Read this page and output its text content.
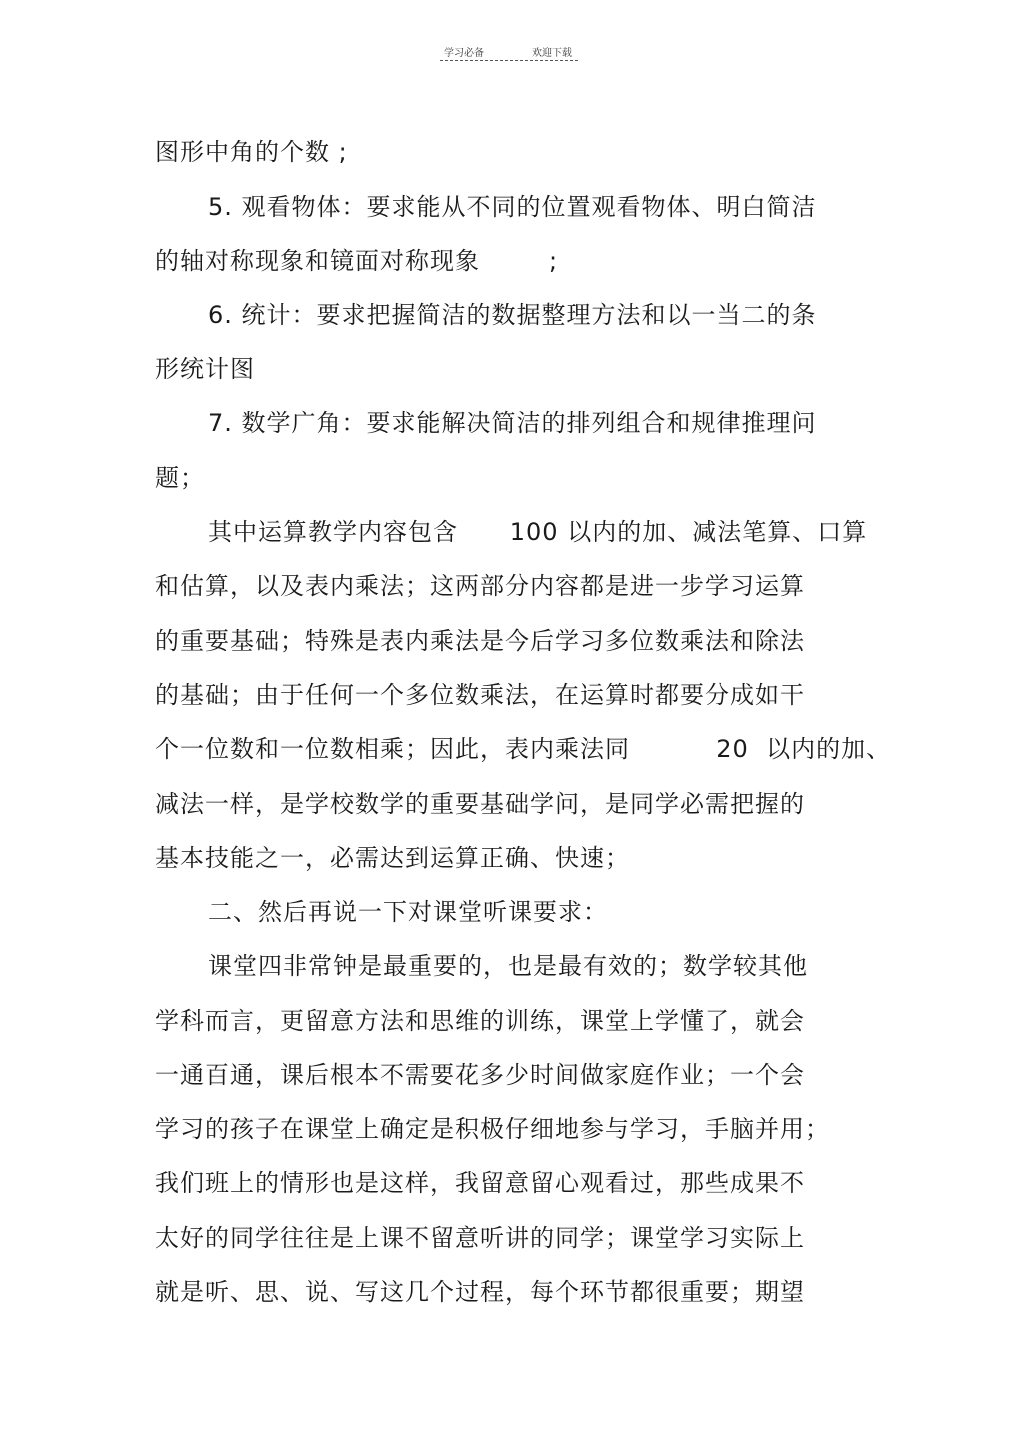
学习必备	欢迎下载
图形中角的个数 ;
5. 观看物体：要求能从不同的位置观看物体、明白简洁
的轴对称现象和镜面对称现象        ;
6. 统计：要求把握简洁的数据整理方法和以一当二的条
形统计图
7. 数学广角：要求能解决简洁的排列组合和规律推理问
题；
其中运算教学内容包含      100 以内的加、减法笔算、口算
和估算，以及表内乘法；这两部分内容都是进一步学习运算
的重要基础；特殊是表内乘法是今后学习多位数乘法和除法
的基础；由于任何一个多位数乘法，在运算时都要分成如干
个一位数和一位数相乘；因此，表内乘法同          20  以内的加、
减法一样，是学校数学的重要基础学问，是同学必需把握的
基本技能之一，必需达到运算正确、快速；
二、然后再说一下对课堂听课要求：
课堂四非常钟是最重要的，也是最有效的；数学较其他
学科而言，更留意方法和思维的训练，课堂上学懂了，就会
一通百通，课后根本不需要花多少时间做家庭作业；一个会
学习的孩子在课堂上确定是积极仔细地参与学习，手脑并用；
我们班上的情形也是这样，我留意留心观看过，那些成果不
太好的同学往往是上课不留意听讲的同学；课堂学习实际上
就是听、思、说、写这几个过程，每个环节都很重要；期望
